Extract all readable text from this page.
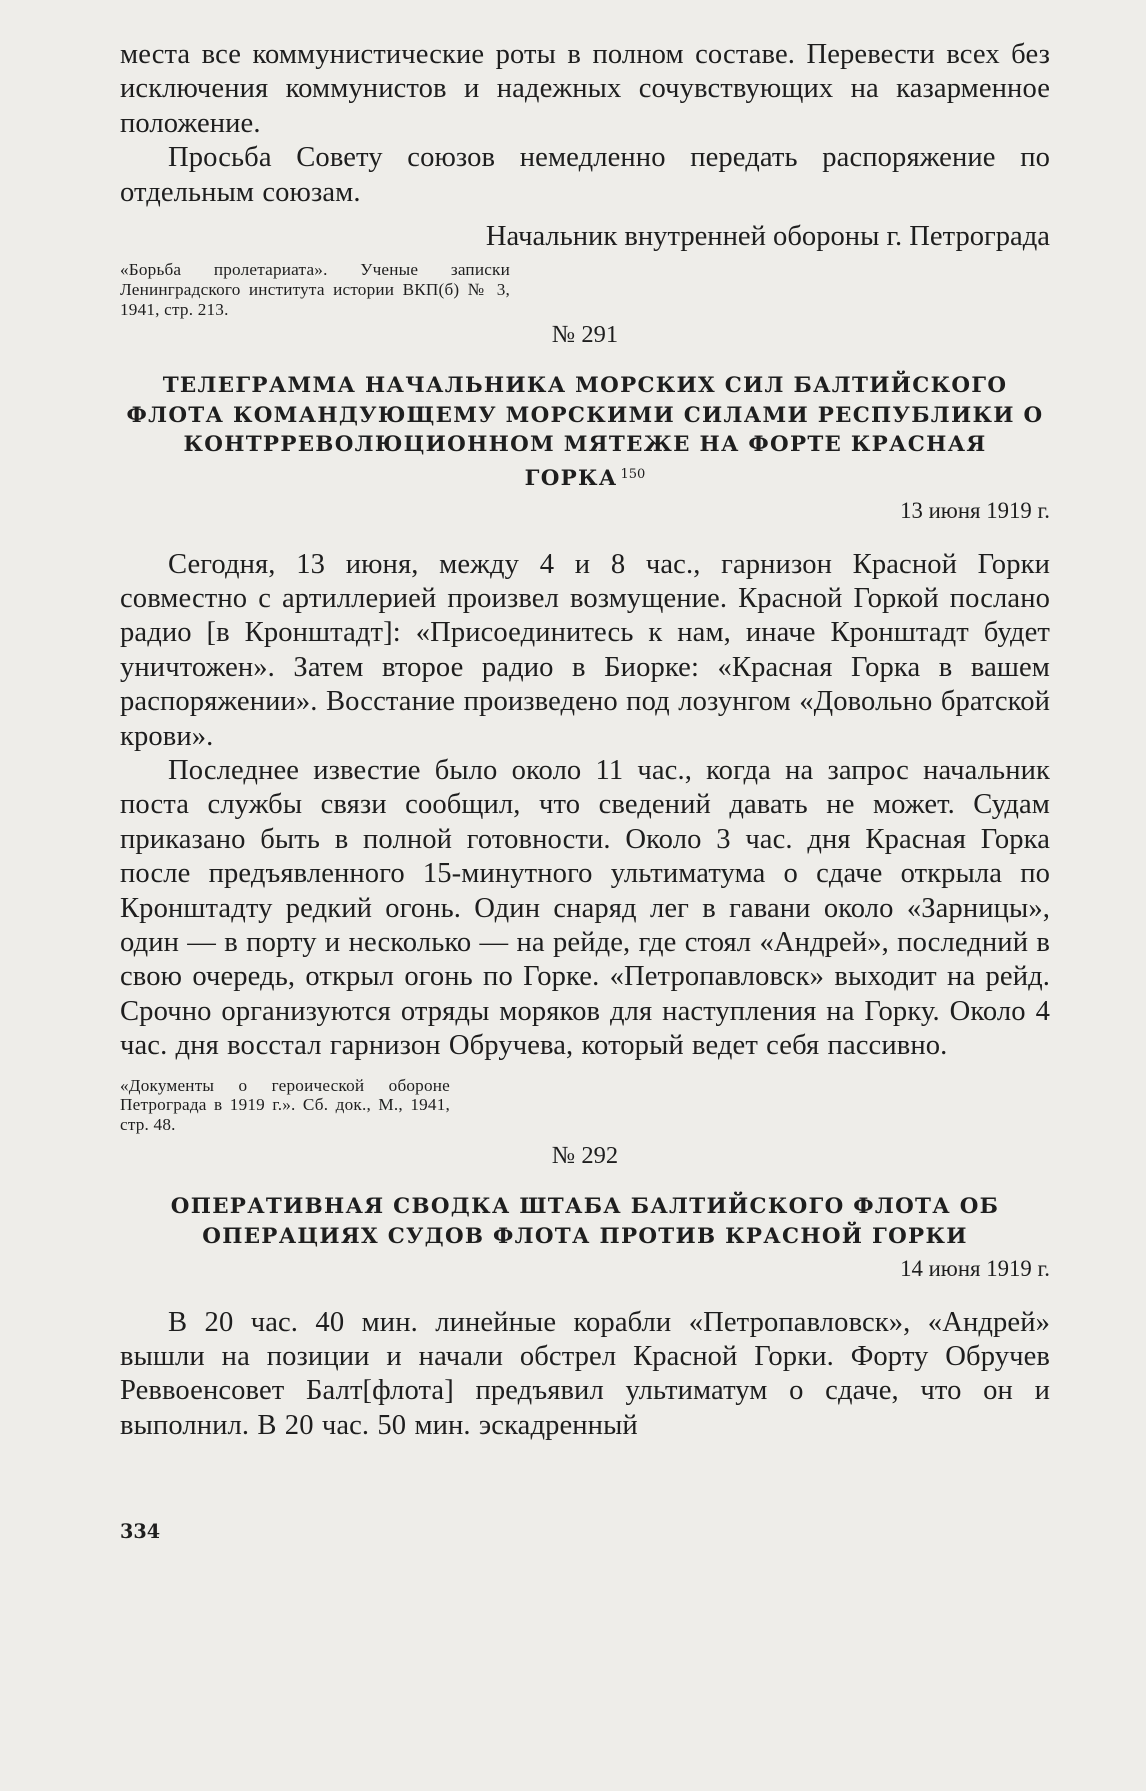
места все коммунистические роты в полном составе. Перевести всех без исключения коммунистов и надежных сочувствующих на казарменное положение.

Просьба Совету союзов немедленно передать распоряжение по отдельным союзам.

Начальник внутренней обороны г. Петрограда

«Борьба пролетариата». Ученые записки Ленинградского института истории ВКП(б) № 3, 1941, стр. 213.

№ 291

ТЕЛЕГРАММА НАЧАЛЬНИКА МОРСКИХ СИЛ БАЛТИЙСКОГО ФЛОТА КОМАНДУЮЩЕМУ МОРСКИМИ СИЛАМИ РЕСПУБЛИКИ О КОНТРРЕВОЛЮЦИОННОМ МЯТЕЖЕ НА ФОРТЕ КРАСНАЯ ГОРКА $^{150}$

13 июня 1919 г.

Сегодня, 13 июня, между 4 и 8 час., гарнизон Красной Горки совместно с артиллерией произвел возмущение. Красной Горкой послано радио [в Кронштадт]: «Присоединитесь к нам, иначе Кронштадт будет уничтожен». Затем второе радио в Биорке: «Красная Горка в вашем распоряжении». Восстание произведено под лозунгом «Довольно братской крови».

Последнее известие было около 11 час., когда на запрос начальник поста службы связи сообщил, что сведений давать не может. Судам приказано быть в полной готовности. Около 3 час. дня Красная Горка после предъявленного 15-минутного ультиматума о сдаче открыла по Кронштадту редкий огонь. Один снаряд лег в гавани около «Зарницы», один — в порту и несколько — на рейде, где стоял «Андрей», последний в свою очередь, открыл огонь по Горке. «Петропавловск» выходит на рейд. Срочно организуются отряды моряков для наступления на Горку. Около 4 час. дня восстал гарнизон Обручева, который ведет себя пассивно.

«Документы о героической обороне Петрограда в 1919 г.». Сб. док., М., 1941, стр. 48.

№ 292

ОПЕРАТИВНАЯ СВОДКА ШТАБА БАЛТИЙСКОГО ФЛОТА ОБ ОПЕРАЦИЯХ СУДОВ ФЛОТА ПРОТИВ КРАСНОЙ ГОРКИ

14 июня 1919 г.

В 20 час. 40 мин. линейные корабли «Петропавловск», «Андрей» вышли на позиции и начали обстрел Красной Горки. Форту Обручев Реввоенсовет Балт[флота] предъявил ультиматум о сдаче, что он и выполнил. В 20 час. 50 мин. эскадренный

334
